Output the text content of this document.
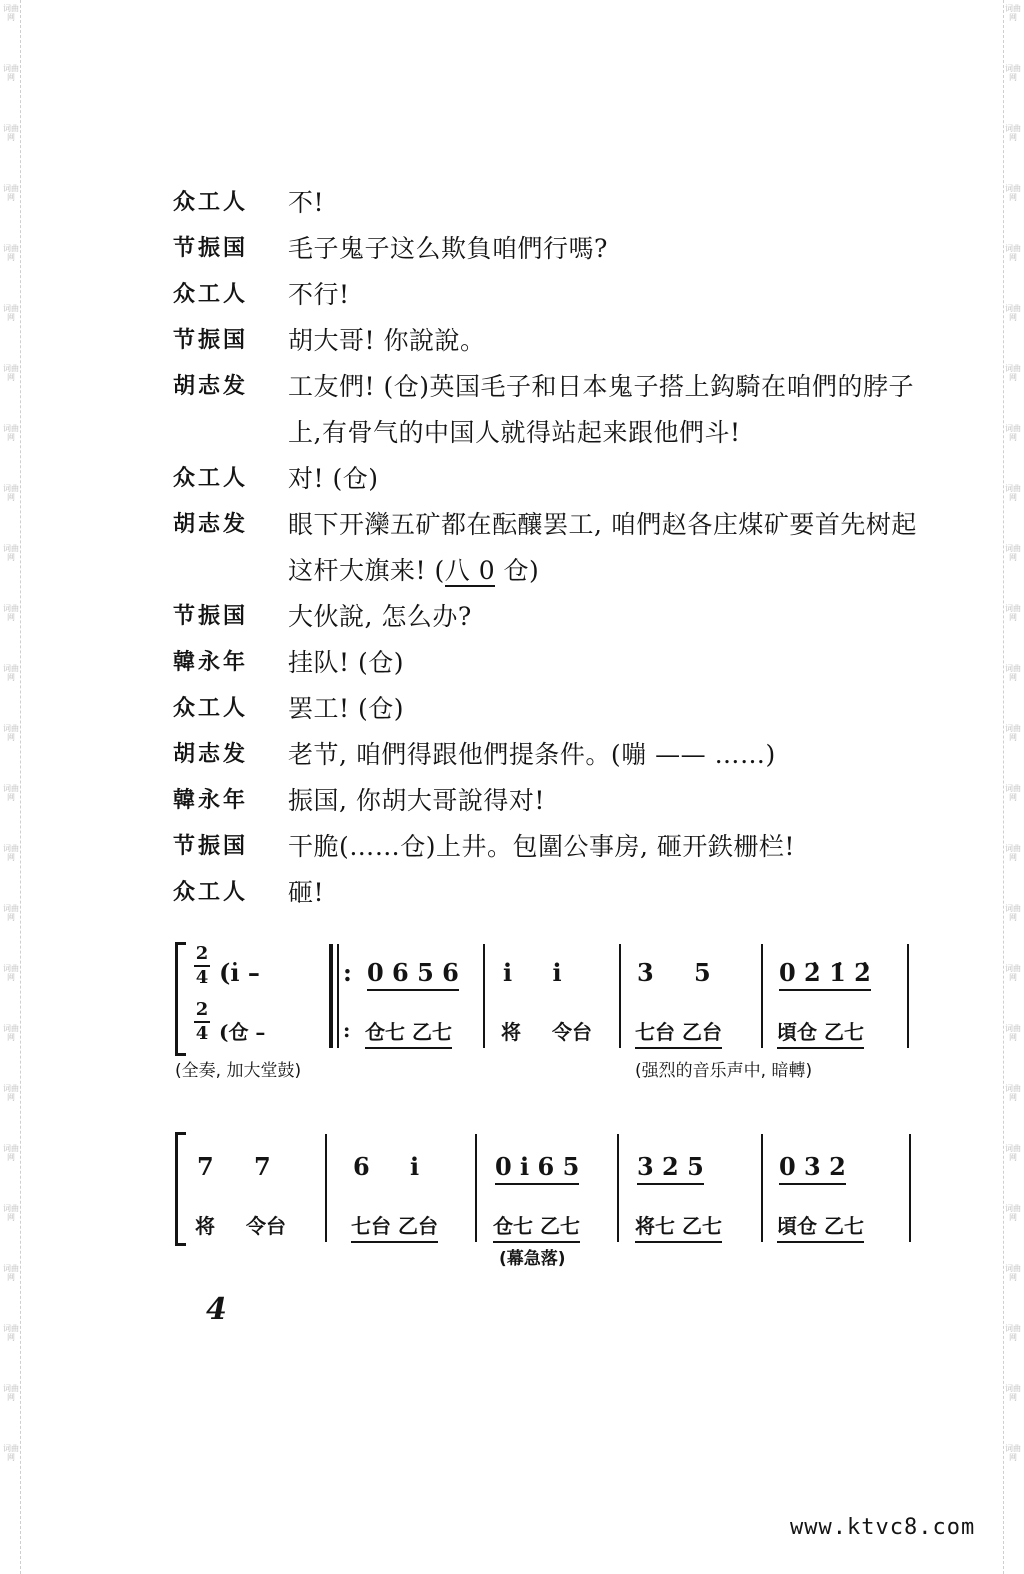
词曲网
词曲网
词曲网
词曲网
词曲网
词曲网
词曲网
词曲网
词曲网
词曲网
词曲网
词曲网
词曲网
词曲网
词曲网
词曲网
词曲网
词曲网
词曲网
词曲网
词曲网
词曲网
词曲网
词曲网
词曲网
词曲网
词曲网
词曲网
词曲网
词曲网
词曲网
词曲网
词曲网
词曲网
词曲网
词曲网
词曲网
词曲网
词曲网
词曲网
词曲网
词曲网
词曲网
词曲网
词曲网
词曲网
词曲网
词曲网
词曲网
词曲网
众工人	不!
节振国	毛子鬼子这么欺負咱們行嗎?
众工人	不行!
节振国	胡大哥! 你說說。
胡志发	工友們! (仓)英国毛子和日本鬼子搭上鈎騎在咱們的脖子上,有骨气的中国人就得站起来跟他們斗!
众工人	对! (仓)
胡志发	眼下开灤五矿都在酝釀罢工, 咱們赵各庄煤矿要首先树起这杆大旗来! (八 0 仓)
节振国	大伙說, 怎么办?
韓永年	挂队! (仓)
众工人	罢工! (仓)
胡志发	老节, 咱們得跟他們提条件。(嘣 —— ……)
韓永年	振国, 你胡大哥說得对!
节振国	干脆(……仓)上井。包圍公事房, 砸开鉄栅栏!
众工人	砸!
2
4
2
4
(i̇ –
(仓 –
:
:
0 6 5 6
仓七 乙七
i i
将 令台
3 5
七台 乙台
0 2̇ 1̇ 2̇
頃仓 乙七
(全奏, 加大堂鼓)	(强烈的音乐声中, 暗轉)
7 7
将 令台
6 i
七台 乙台
0 i 6 5
仓七 乙七
3 2 5
将七 乙七
0 3 2
頃仓 乙七
(幕急落)
4
www.ktvc8.com
